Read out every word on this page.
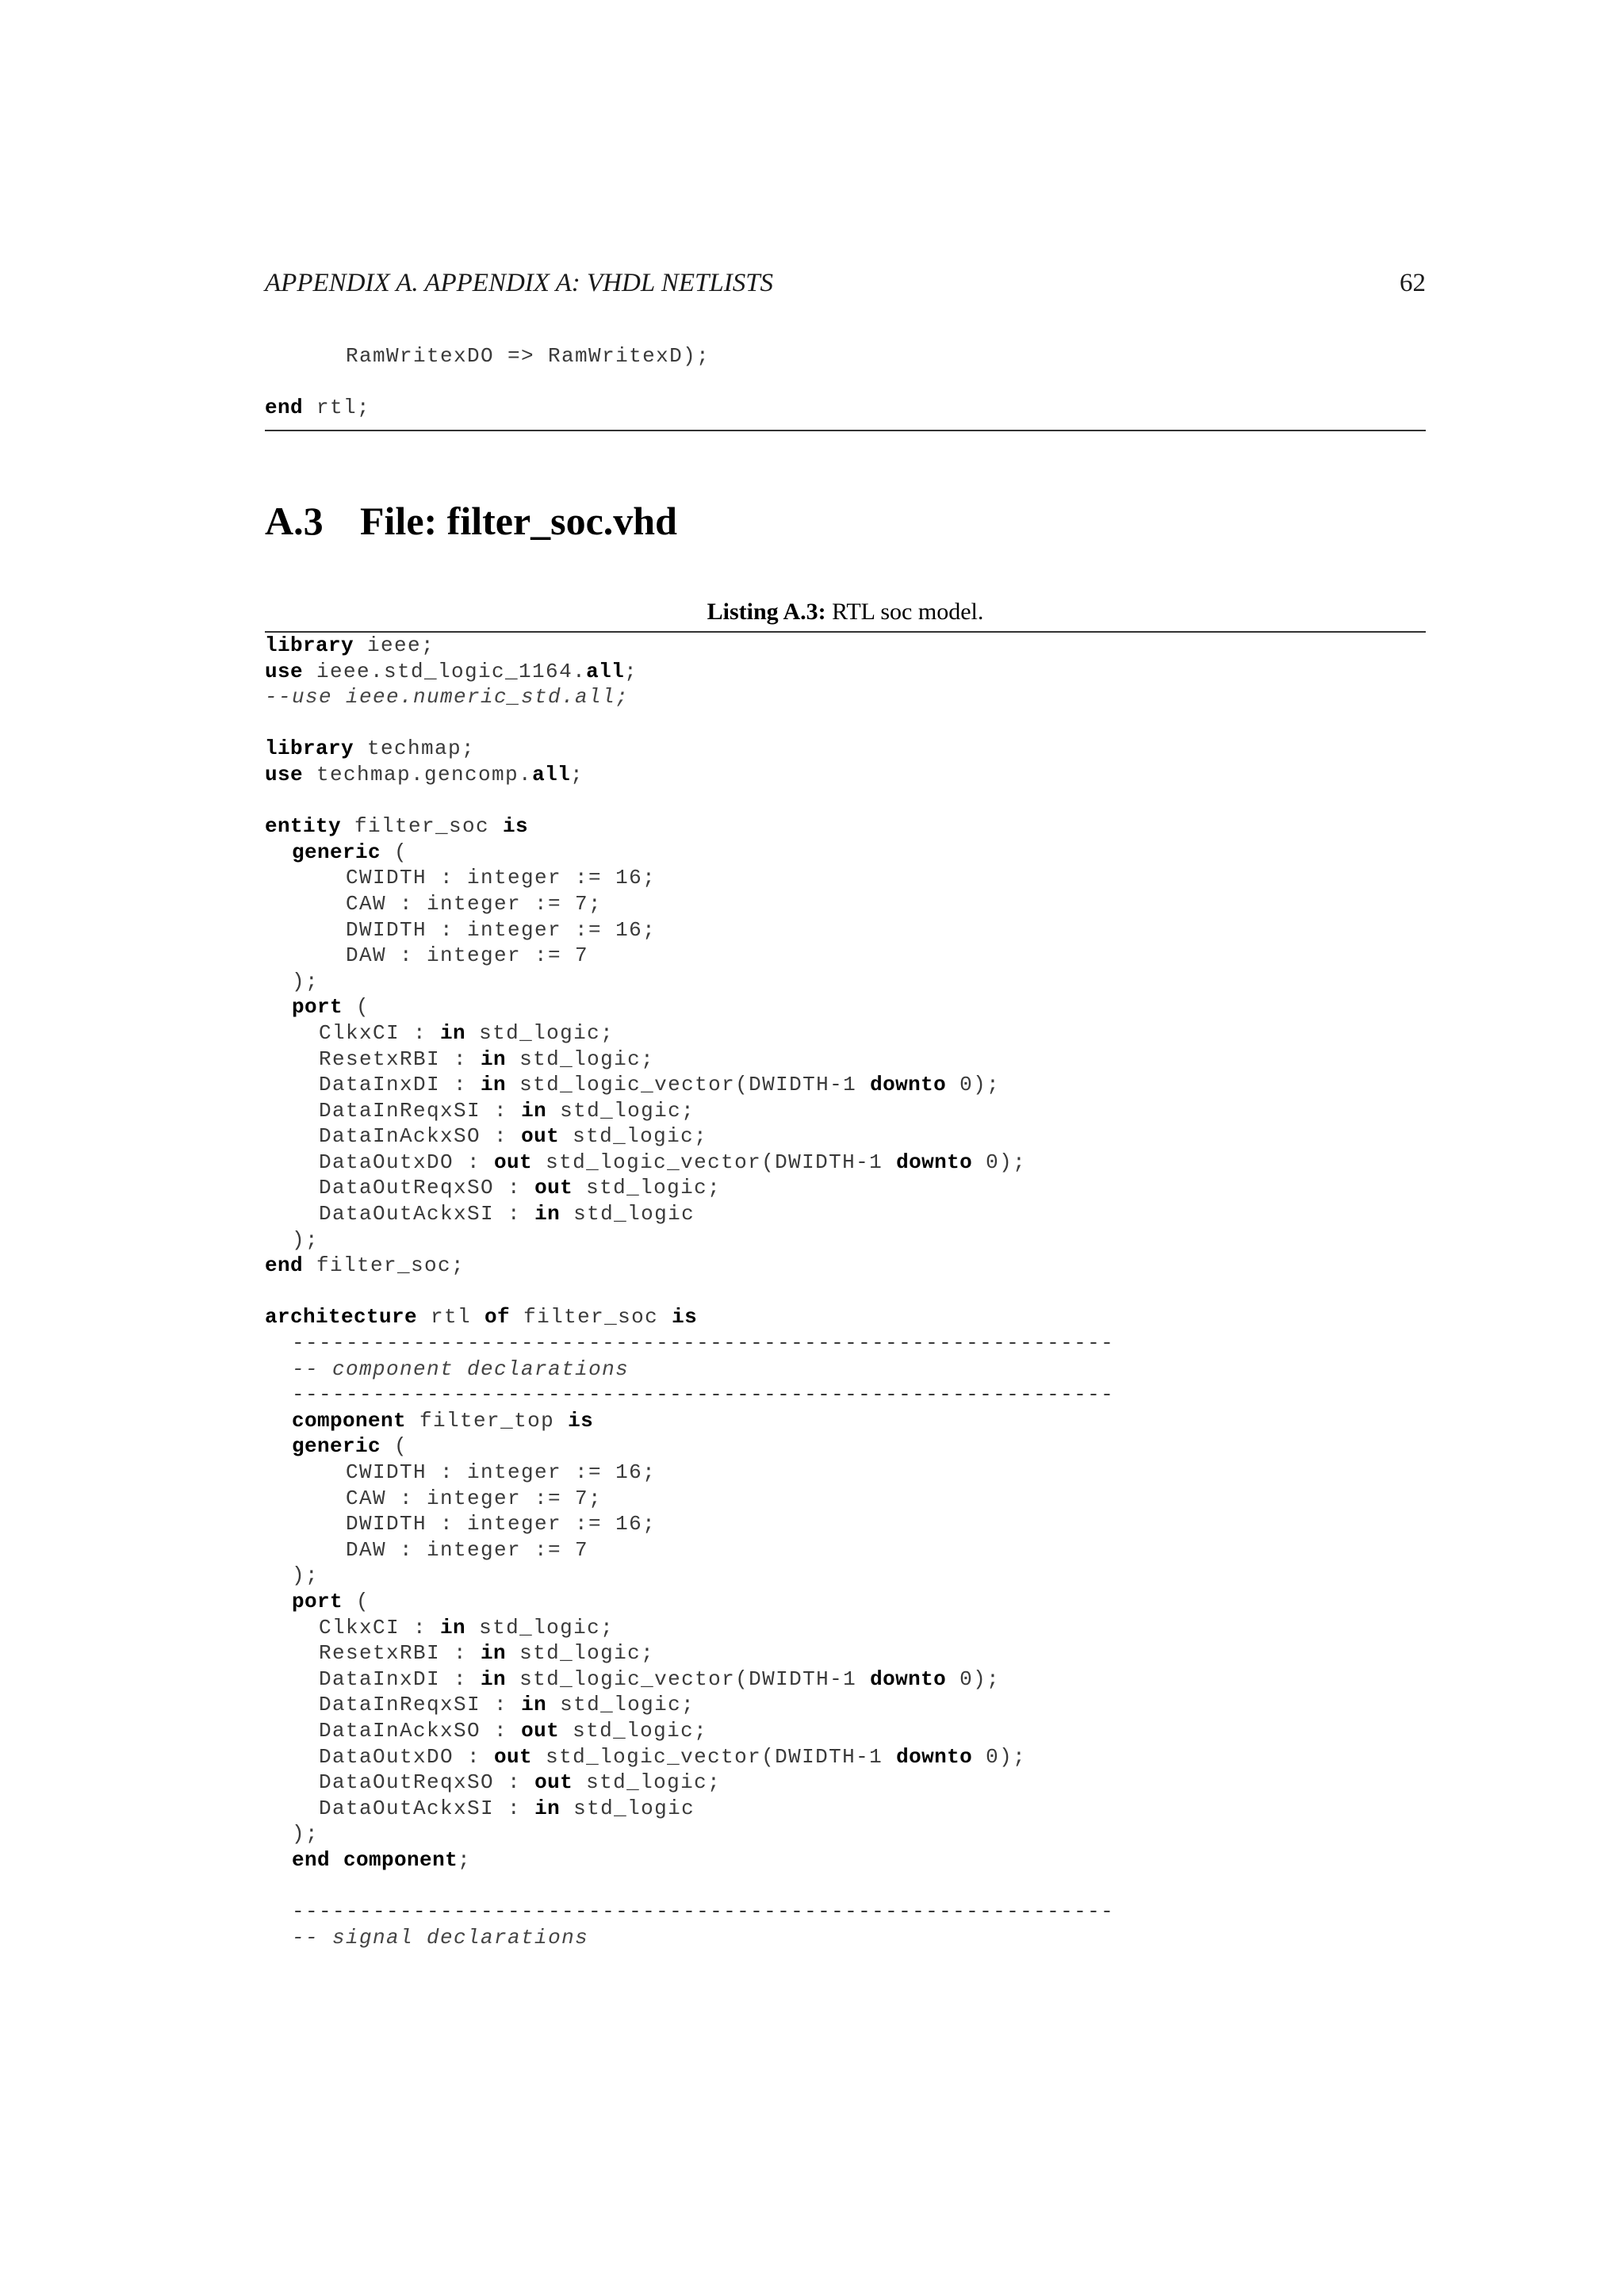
APPENDIX A. APPENDIX A: VHDL NETLISTS	62
RamWritexDO => RamWritexD);
end rtl;
A.3 File: filter_soc.vhd
Listing A.3: RTL soc model.
library ieee;
use ieee.std_logic_1164.all;
--use ieee.numeric_std.all;
library techmap;
use techmap.gencomp.all;
entity filter_soc is
generic (
CWIDTH : integer := 16;
CAW : integer := 7;
DWIDTH : integer := 16;
DAW : integer := 7
);
port (
ClkxCI : in std_logic;
ResetxRBI : in std_logic;
DataInxDI : in std_logic_vector(DWIDTH-1 downto 0);
DataInReqxSI : in std_logic;
DataInAckxSO : out std_logic;
DataOutxDO : out std_logic_vector(DWIDTH-1 downto 0);
DataOutReqxSO : out std_logic;
DataOutAckxSI : in std_logic
);
end filter_soc;
architecture rtl of filter_soc is
-------------------------------------------------------------
-- component declarations
-------------------------------------------------------------
component filter_top is
generic (
CWIDTH : integer := 16;
CAW : integer := 7;
DWIDTH : integer := 16;
DAW : integer := 7
);
port (
ClkxCI : in std_logic;
ResetxRBI : in std_logic;
DataInxDI : in std_logic_vector(DWIDTH-1 downto 0);
DataInReqxSI : in std_logic;
DataInAckxSO : out std_logic;
DataOutxDO : out std_logic_vector(DWIDTH-1 downto 0);
DataOutReqxSO : out std_logic;
DataOutAckxSI : in std_logic
);
end component;
-------------------------------------------------------------
-- signal declarations
